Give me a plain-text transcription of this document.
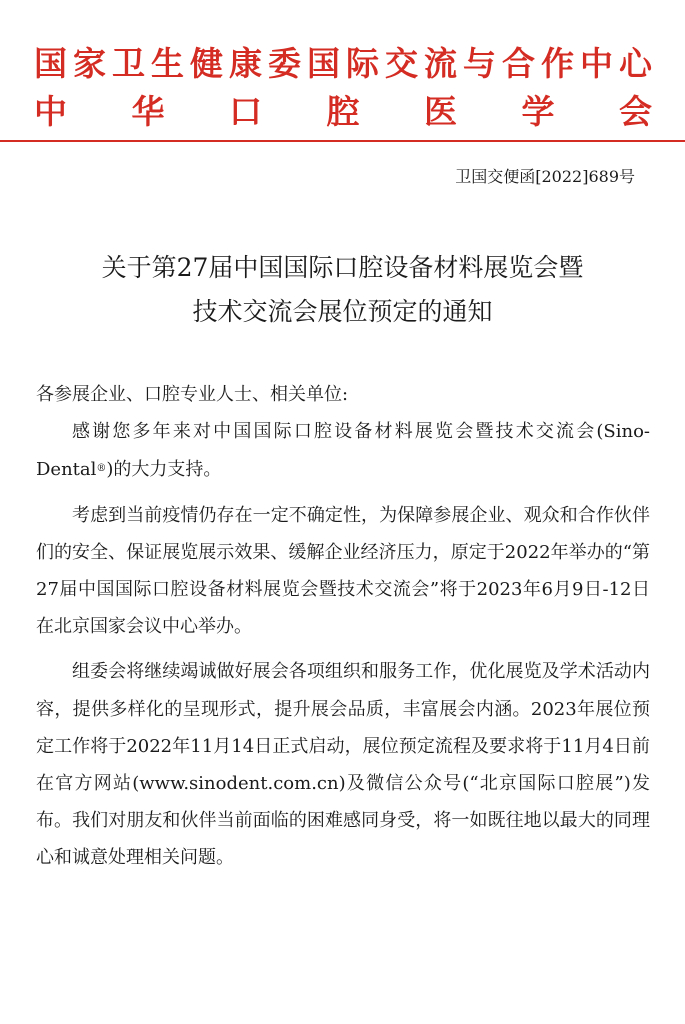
国家卫生健康委国际交流与合作中心
中华口腔医学会
卫国交便函[2022]689号
关于第27届中国国际口腔设备材料展览会暨
技术交流会展位预定的通知

各参展企业、口腔专业人士、相关单位:

感谢您多年来对中国国际口腔设备材料展览会暨技术交流会(Sino-Dental®)的大力支持。

考虑到当前疫情仍存在一定不确定性，为保障参展企业、观众和合作伙伴们的安全、保证展览展示效果、缓解企业经济压力，原定于2022年举办的“第27届中国国际口腔设备材料展览会暨技术交流会”将于2023年6月9日-12日在北京国家会议中心举办。

组委会将继续竭诚做好展会各项组织和服务工作，优化展览及学术活动内容，提供多样化的呈现形式，提升展会品质，丰富展会内涵。2023年展位预定工作将于2022年11月14日正式启动，展位预定流程及要求将于11月4日前在官方网站(www.sinodent.com.cn)及微信公众号(“北京国际口腔展”)发布。我们对朋友和伙伴当前面临的困难感同身受，将一如既往地以最大的同理心和诚意处理相关问题。
